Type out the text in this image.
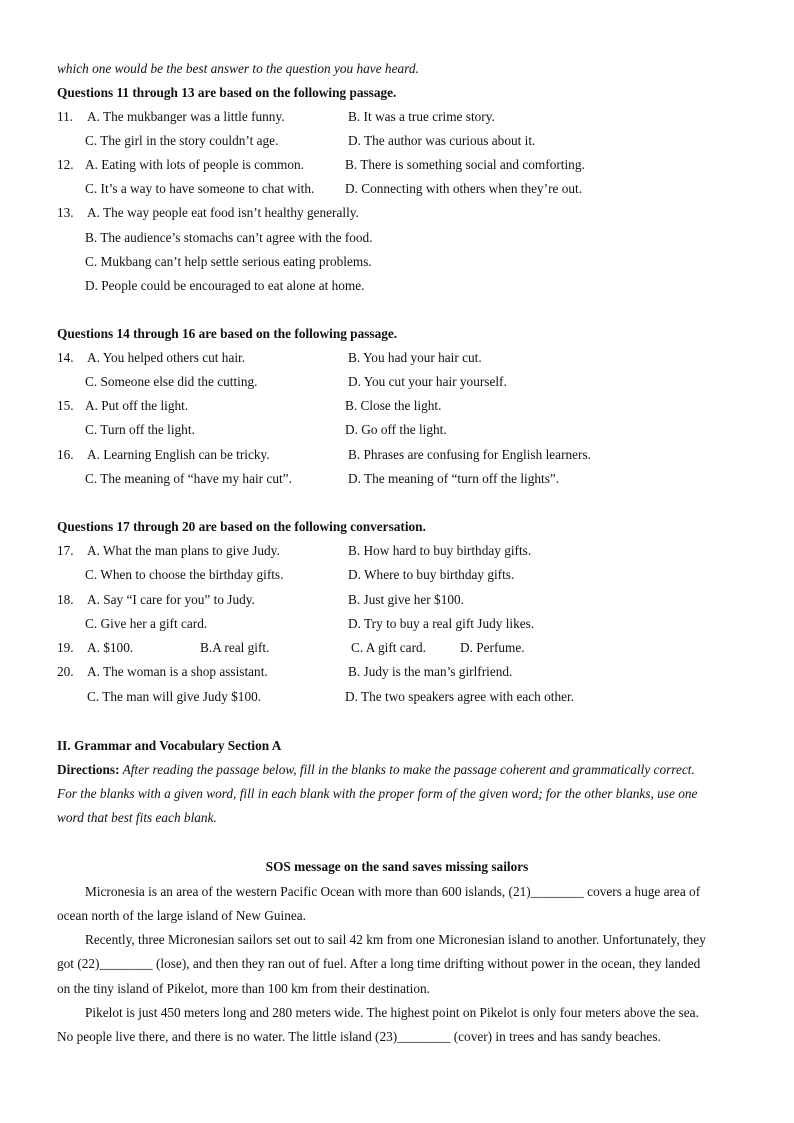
which one would be the best answer to the question you have heard.
Questions 11 through 13 are based on the following passage.
11. A. The mukbanger was a little funny.	B. It was a true crime story.
C. The girl in the story couldn’t age.	D. The author was curious about it.
12. A. Eating with lots of people is common.	B. There is something social and comforting.
C. It’s a way to have someone to chat with. D. Connecting with others when they’re out.
13. A. The way people eat food isn’t healthy generally.
B. The audience’s stomachs can’t agree with the food.
C. Mukbang can’t help settle serious eating problems.
D. People could be encouraged to eat alone at home.
Questions 14 through 16 are based on the following passage.
14. A. You helped others cut hair.	B. You had your hair cut.
C. Someone else did the cutting.	D. You cut your hair yourself.
15. A. Put off the light.	B. Close the light.
C. Turn off the light.	D. Go off the light.
16. A. Learning English can be tricky.	B. Phrases are confusing for English learners.
C. The meaning of “have my hair cut”.	D. The meaning of “turn off the lights”.
Questions 17 through 20 are based on the following conversation.
17. A. What the man plans to give Judy.	B. How hard to buy birthday gifts.
C. When to choose the birthday gifts.	D. Where to buy birthday gifts.
18. A. Say “I care for you” to Judy.	B. Just give her $100.
C. Give her a gift card.	D. Try to buy a real gift Judy likes.
19. A. $100.	B.A real gift.	C. A gift card.	D. Perfume.
20. A. The woman is a shop assistant.	B. Judy is the man’s girlfriend.
C. The man will give Judy $100.	D. The two speakers agree with each other.
II. Grammar and Vocabulary Section A
Directions: After reading the passage below, fill in the blanks to make the passage coherent and grammatically correct.
For the blanks with a given word, fill in each blank with the proper form of the given word; for the other blanks, use one
word that best fits each blank.
SOS message on the sand saves missing sailors
Micronesia is an area of the western Pacific Ocean with more than 600 islands, (21)________ covers a huge area of
ocean north of the large island of New Guinea.
Recently, three Micronesian sailors set out to sail 42 km from one Micronesian island to another. Unfortunately, they
got (22)________ (lose), and then they ran out of fuel. After a long time drifting without power in the ocean, they landed
on the tiny island of Pikelot, more than 100 km from their destination.
Pikelot is just 450 meters long and 280 meters wide. The highest point on Pikelot is only four meters above the sea.
No people live there, and there is no water. The little island (23)________ (cover) in trees and has sandy beaches.
